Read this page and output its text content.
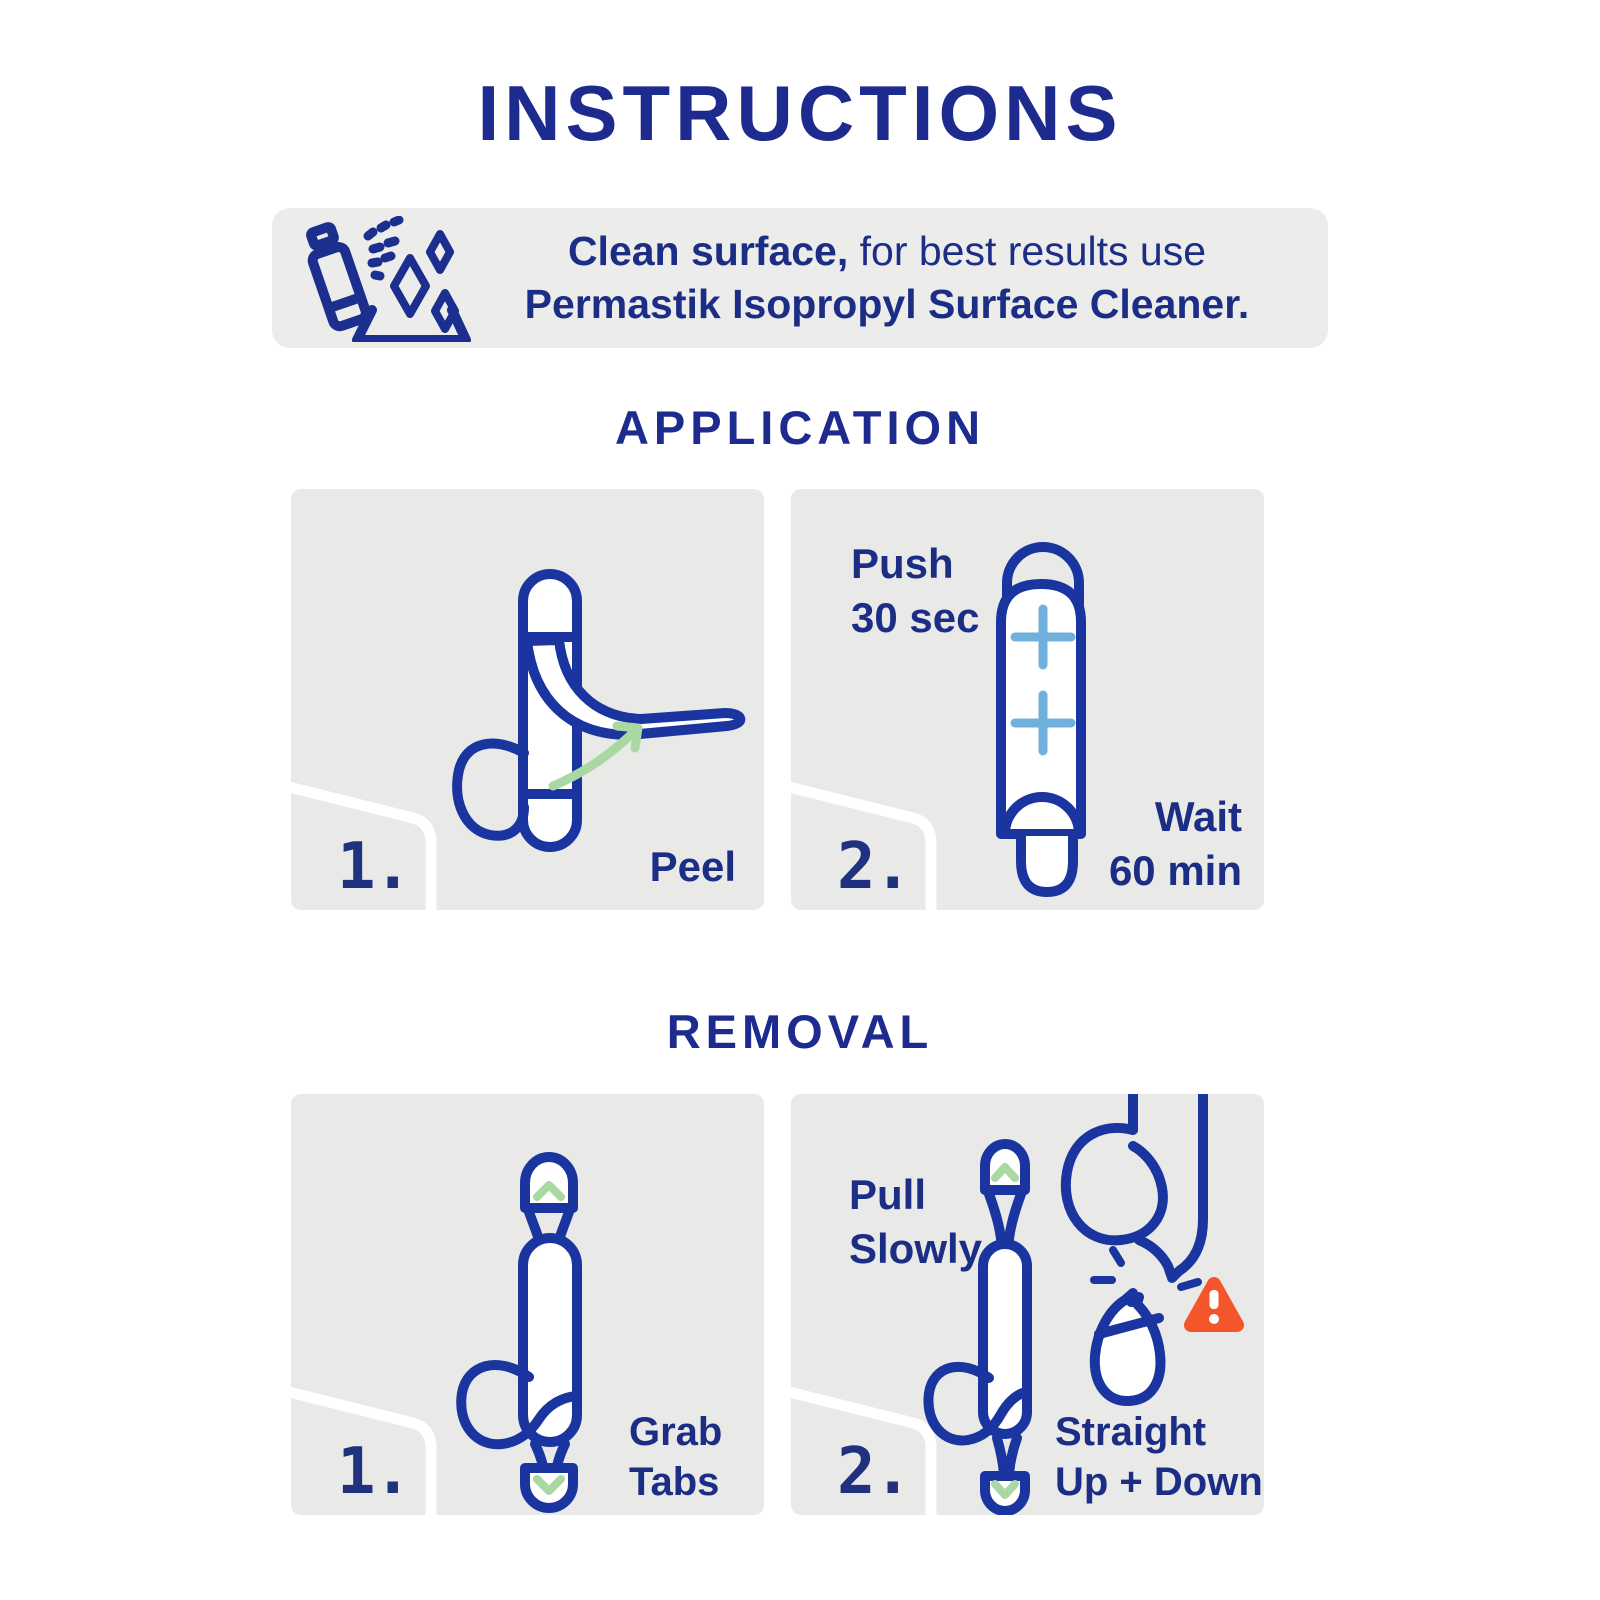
INSTRUCTIONS
Clean surface, for best results use
Permastik Isopropyl Surface Cleaner.
APPLICATION
1.	Peel 2.
Push
30 sec
Wait
60 min
REMOVAL
1.
Grab
Tabs 2.
Pull
Slowly
Straight
Up + Down
